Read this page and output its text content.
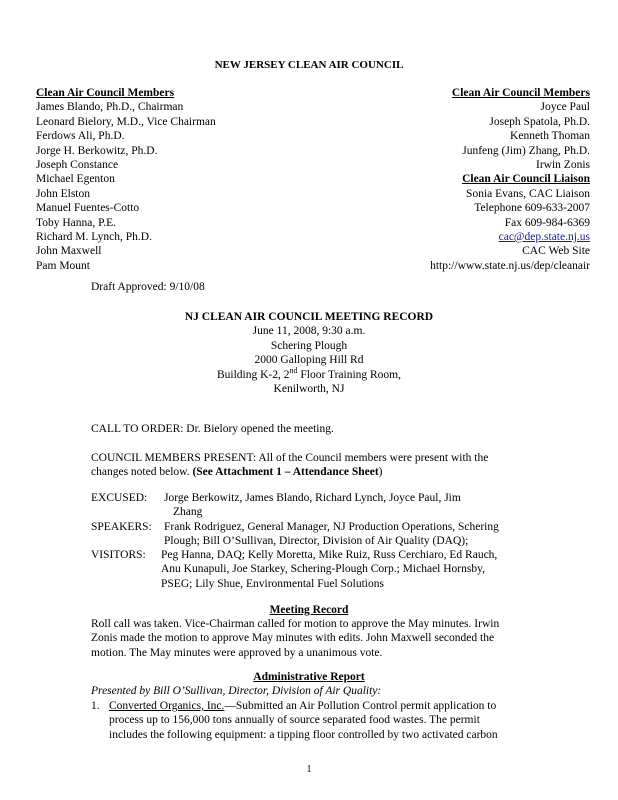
NEW JERSEY CLEAN AIR COUNCIL
Clean Air Council Members
James Blando, Ph.D., Chairman
Leonard Bielory, M.D., Vice Chairman
Ferdows Ali, Ph.D.
Jorge H. Berkowitz, Ph.D.
Joseph Constance
Michael Egenton
John Elston
Manuel Fuentes-Cotto
Toby Hanna, P.E.
Richard M. Lynch, Ph.D.
John Maxwell
Pam Mount
Clean Air Council Members
Joyce Paul
Joseph Spatola, Ph.D.
Kenneth Thoman
Junfeng (Jim) Zhang, Ph.D.
Irwin Zonis
Clean Air Council Liaison
Sonia Evans, CAC Liaison
Telephone 609-633-2007
Fax 609-984-6369
cac@dep.state.nj.us
CAC Web Site
http://www.state.nj.us/dep/cleanair
Draft Approved: 9/10/08
NJ CLEAN AIR COUNCIL MEETING RECORD
June 11, 2008, 9:30 a.m.
Schering Plough
2000 Galloping Hill Rd
Building K-2, 2nd Floor Training Room,
Kenilworth, NJ
CALL TO ORDER: Dr. Bielory opened the meeting.
COUNCIL MEMBERS PRESENT: All of the Council members were present with the
changes noted below. (See Attachment 1 – Attendance Sheet)
EXCUSED: Jorge Berkowitz, James Blando, Richard Lynch, Joyce Paul, Jim
Zhang
SPEAKERS: Frank Rodriguez, General Manager, NJ Production Operations, Schering
Plough; Bill O’Sullivan, Director, Division of Air Quality (DAQ);
VISITORS: Peg Hanna, DAQ; Kelly Moretta, Mike Ruiz, Russ Cerchiaro, Ed Rauch,
Anu Kunapuli, Joe Starkey, Schering-Plough Corp.; Michael Hornsby,
PSEG; Lily Shue, Environmental Fuel Solutions
Meeting Record
Roll call was taken. Vice-Chairman called for motion to approve the May minutes. Irwin
Zonis made the motion to approve May minutes with edits. John Maxwell seconded the
motion. The May minutes were approved by a unanimous vote.
Administrative Report
Presented by Bill O’Sullivan, Director, Division of Air Quality:
1. Converted Organics, Inc.—Submitted an Air Pollution Control permit application to
process up to 156,000 tons annually of source separated food wastes. The permit
includes the following equipment: a tipping floor controlled by two activated carbon
1
